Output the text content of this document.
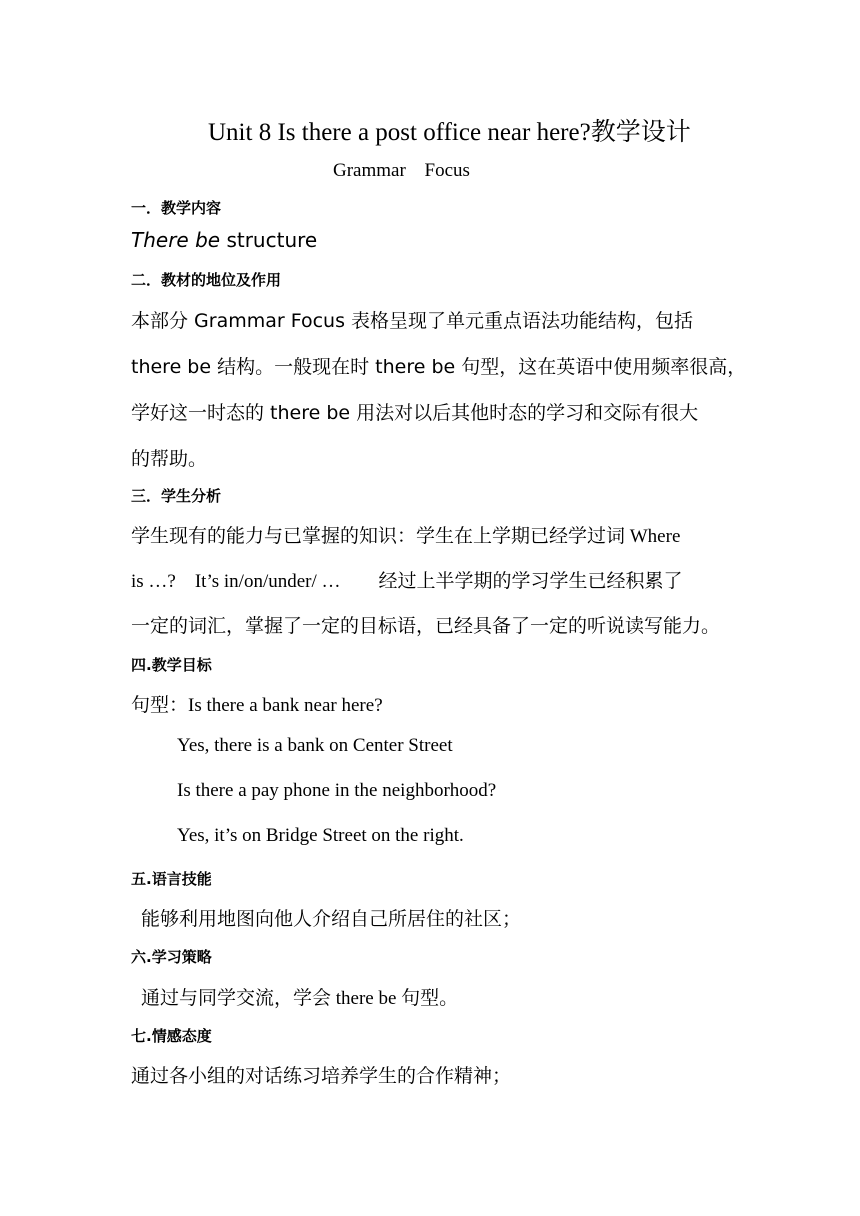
Unit 8 Is there a post office near here?教学设计
Grammar Focus
一．教学内容
There be structure
二．教材的地位及作用
本部分 Grammar Focus 表格呈现了单元重点语法功能结构，包括
there be 结构。一般现在时 there be 句型，这在英语中使用频率很高，
学好这一时态的 there be 用法对以后其他时态的学习和交际有很大
的帮助。
三．学生分析
学生现有的能力与已掌握的知识：学生在上学期已经学过词 Where
is …?    It’s in/on/under/ …        经过上半学期的学习学生已经积累了
一定的词汇，掌握了一定的目标语，已经具备了一定的听说读写能力。
四.教学目标
句型：Is there a bank near here?
Yes, there is a bank on Center Street
Is there a pay phone in the neighborhood?
Yes, it’s on Bridge Street on the right.
五.语言技能
能够利用地图向他人介绍自己所居住的社区；
六.学习策略
通过与同学交流，学会 there be 句型。
七.情感态度
通过各小组的对话练习培养学生的合作精神；
